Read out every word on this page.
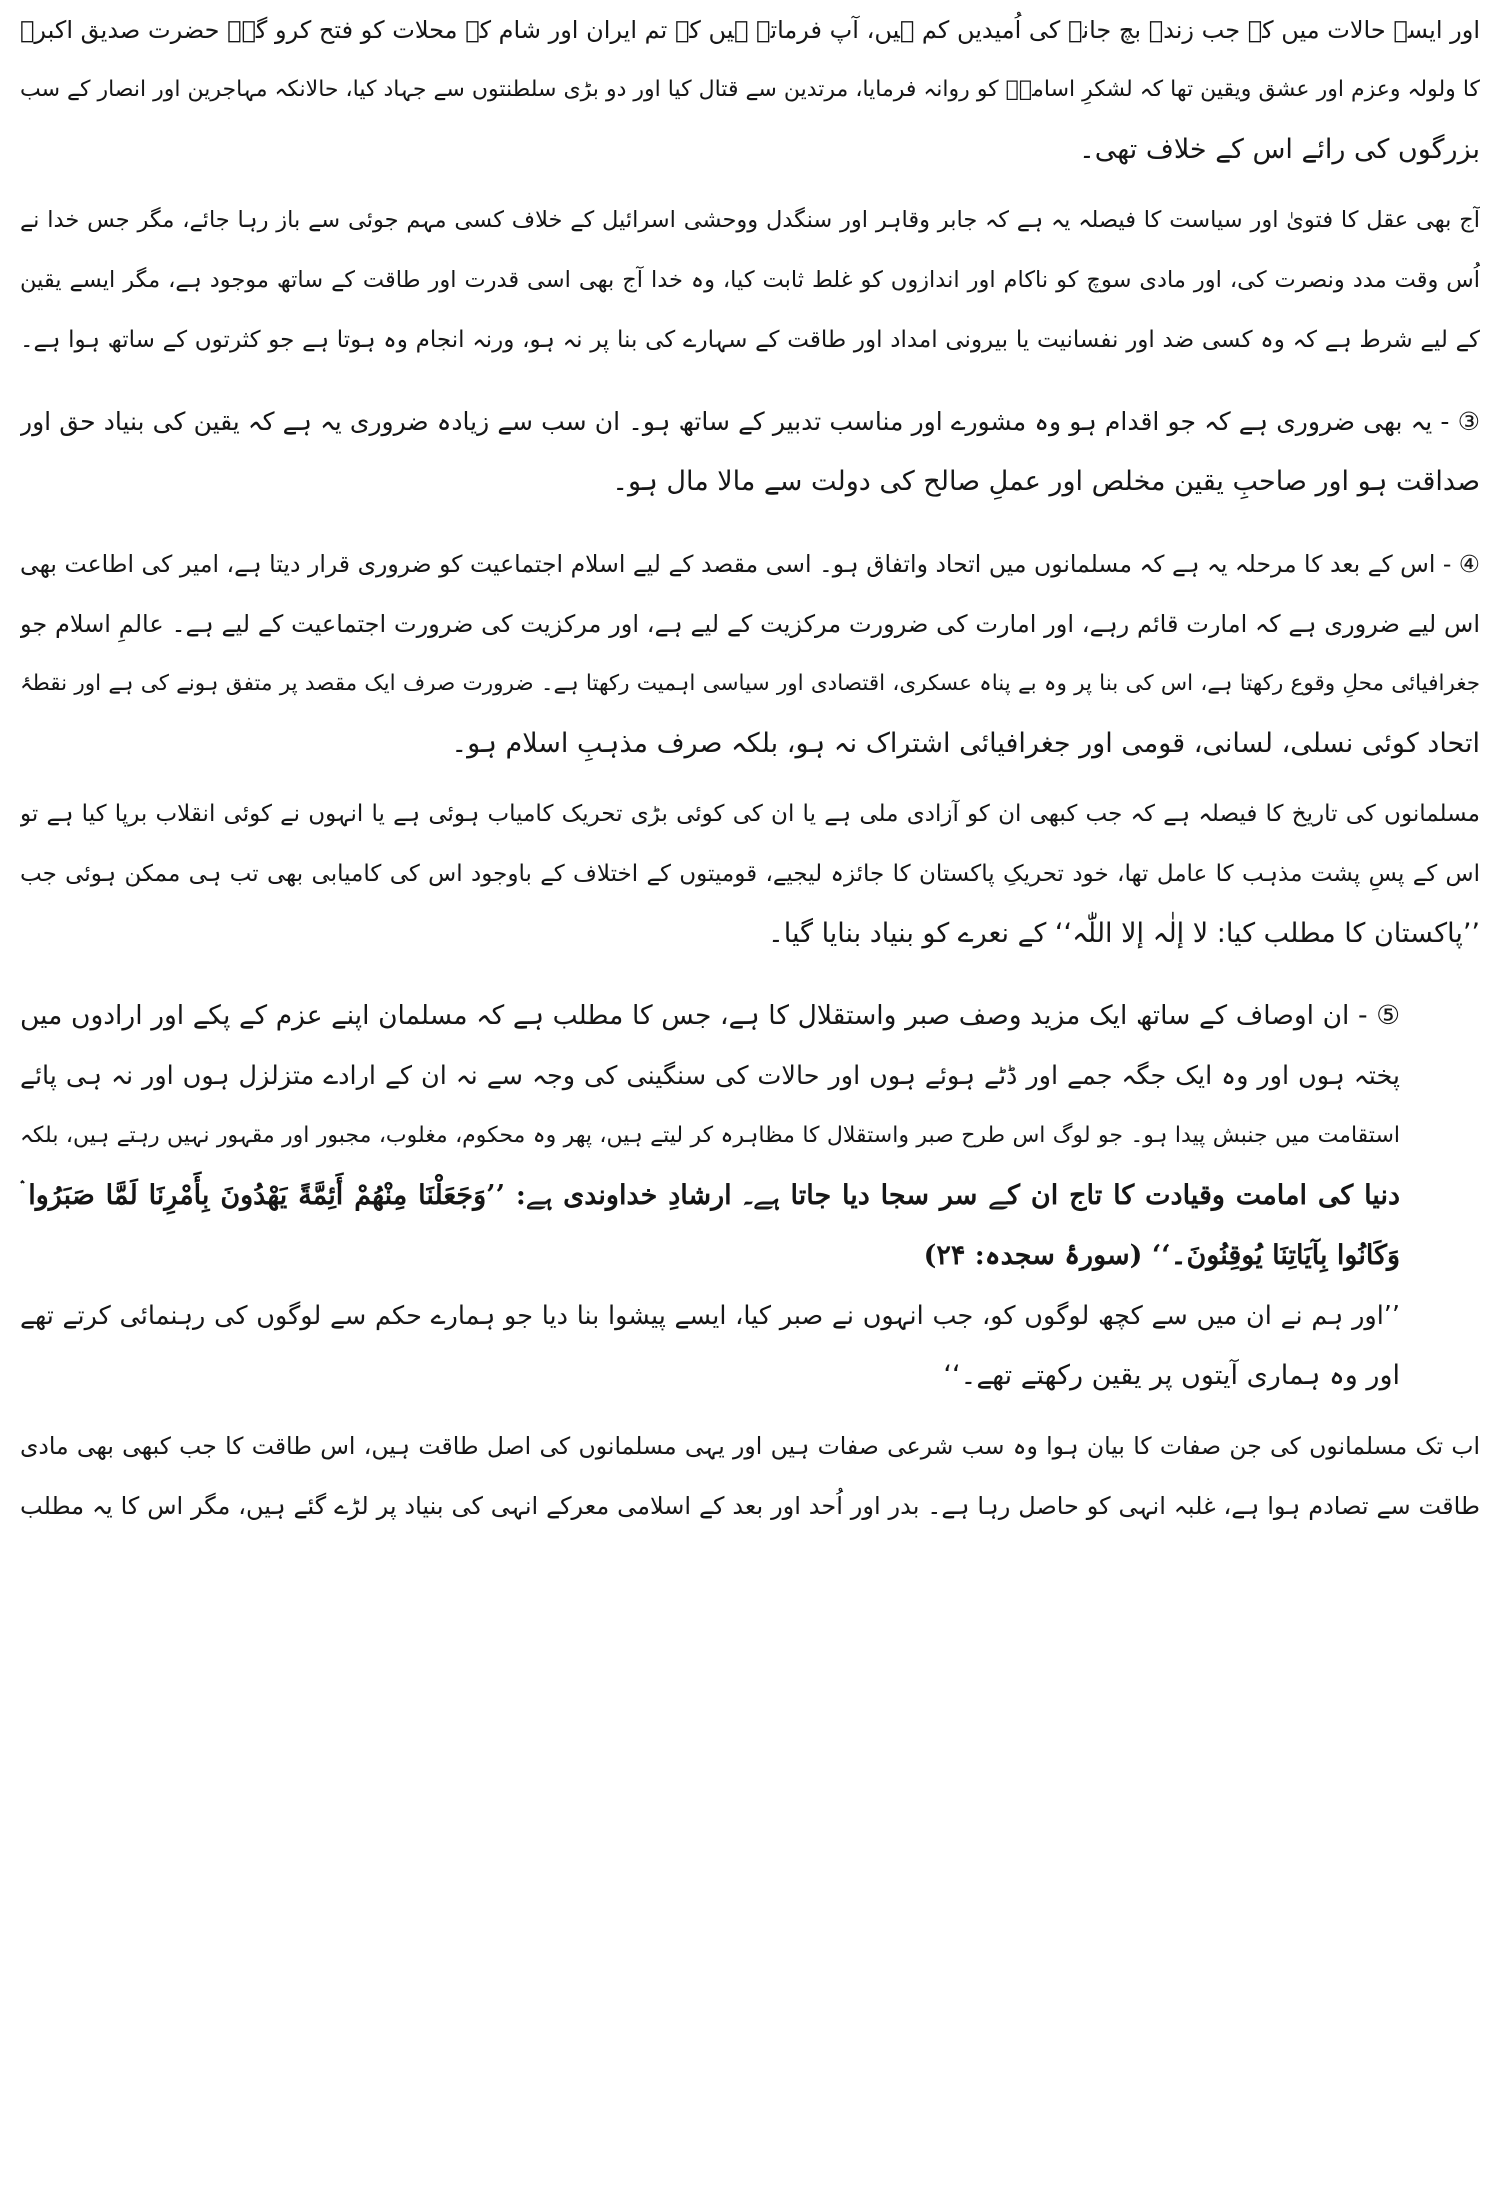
اور ایسے حالات میں کہ جب زندہ بچ جانے کی اُمیدیں کم ہیں، آپ فرماتے ہیں کہ تم ایران اور شام کے محلات کو فتح کرو گے۔ حضرت صدیق اکبرؓ
کا ولولہ وعزم اور عشق ویقین تھا کہ لشکرِ اسامہؓ کو روانہ فرمایا، مرتدین سے قتال کیا اور دو بڑی سلطنتوں سے جہاد کیا، حالانکہ مہاجرین اور انصار کے سب
بزرگوں کی رائے اس کے خلاف تھی۔
آج بھی عقل کا فتویٰ اور سیاست کا فیصلہ یہ ہے کہ جابر وقاہر اور سنگدل ووحشی اسرائیل کے خلاف کسی مہم جوئی سے باز رہا جائے، مگر جس خدا نے
اُس وقت مدد ونصرت کی، اور مادی سوچ کو ناکام اور اندازوں کو غلط ثابت کیا، وہ خدا آج بھی اسی قدرت اور طاقت کے ساتھ موجود ہے، مگر ایسے یقین
کے لیے شرط ہے کہ وہ کسی ضد اور نفسانیت یا بیرونی امداد اور طاقت کے سہارے کی بنا پر نہ ہو، ورنہ انجام وہ ہوتا ہے جو کثرتوں کے ساتھ ہوا ہے۔
③ - یہ بھی ضروری ہے کہ جو اقدام ہو وہ مشورے اور مناسب تدبیر کے ساتھ ہو۔ ان سب سے زیادہ ضروری یہ ہے کہ یقین کی بنیاد حق اور
صداقت ہو اور صاحبِ یقین مخلص اور عملِ صالح کی دولت سے مالا مال ہو۔
④ - اس کے بعد کا مرحلہ یہ ہے کہ مسلمانوں میں اتحاد واتفاق ہو۔ اسی مقصد کے لیے اسلام اجتماعیت کو ضروری قرار دیتا ہے، امیر کی اطاعت بھی
اس لیے ضروری ہے کہ امارت قائم رہے، اور امارت کی ضرورت مرکزیت کے لیے ہے، اور مرکزیت کی ضرورت اجتماعیت کے لیے ہے۔ عالمِ اسلام جو
جغرافیائی محلِ وقوع رکھتا ہے، اس کی بنا پر وہ بے پناہ عسکری، اقتصادی اور سیاسی اہمیت رکھتا ہے۔ ضرورت صرف ایک مقصد پر متفق ہونے کی ہے اور نقطۂ
اتحاد کوئی نسلی، لسانی، قومی اور جغرافیائی اشتراک نہ ہو، بلکہ صرف مذہبِ اسلام ہو۔
مسلمانوں کی تاریخ کا فیصلہ ہے کہ جب کبھی ان کو آزادی ملی ہے یا ان کی کوئی بڑی تحریک کامیاب ہوئی ہے یا انہوں نے کوئی انقلاب برپا کیا ہے تو
اس کے پسِ پشت مذہب کا عامل تھا، خود تحریکِ پاکستان کا جائزہ لیجیے، قومیتوں کے اختلاف کے باوجود اس کی کامیابی بھی تب ہی ممکن ہوئی جب
’’پاکستان کا مطلب کیا: لا إلٰہ إلا اللّٰہ‘‘ کے نعرے کو بنیاد بنایا گیا۔
⑤ - ان اوصاف کے ساتھ ایک مزید وصف صبر واستقلال کا ہے، جس کا مطلب ہے کہ مسلمان اپنے عزم کے پکے اور ارادوں میں
پختہ ہوں اور وہ ایک جگہ جمے اور ڈٹے ہوئے ہوں اور حالات کی سنگینی کی وجہ سے نہ ان کے ارادے متزلزل ہوں اور نہ ہی پائے
استقامت میں جنبش پیدا ہو۔ جو لوگ اس طرح صبر واستقلال کا مظاہرہ کر لیتے ہیں، پھر وہ محکوم، مغلوب، مجبور اور مقہور نہیں رہتے ہیں، بلکہ
دنیا کی امامت وقیادت کا تاج ان کے سر سجا دیا جاتا ہے۔ ارشادِ خداوندی ہے: ’’وَجَعَلْنَا مِنْهُمْ أَئِمَّةً يَهْدُونَ بِأَمْرِنَا لَمَّا صَبَرُوا ۛ
وَكَانُوا بِآيَاتِنَا يُوقِنُونَ۔‘‘ (سورۂ سجدہ: ۲۴)
’’اور ہم نے ان میں سے کچھ لوگوں کو، جب انہوں نے صبر کیا، ایسے پیشوا بنا دیا جو ہمارے حکم سے لوگوں کی رہنمائی کرتے تھے
اور وہ ہماری آیتوں پر یقین رکھتے تھے۔‘‘
اب تک مسلمانوں کی جن صفات کا بیان ہوا وہ سب شرعی صفات ہیں اور یہی مسلمانوں کی اصل طاقت ہیں، اس طاقت کا جب کبھی بھی مادی
طاقت سے تصادم ہوا ہے، غلبہ انہی کو حاصل رہا ہے۔ بدر اور اُحد اور بعد کے اسلامی معرکے انہی کی بنیاد پر لڑے گئے ہیں، مگر اس کا یہ مطلب
